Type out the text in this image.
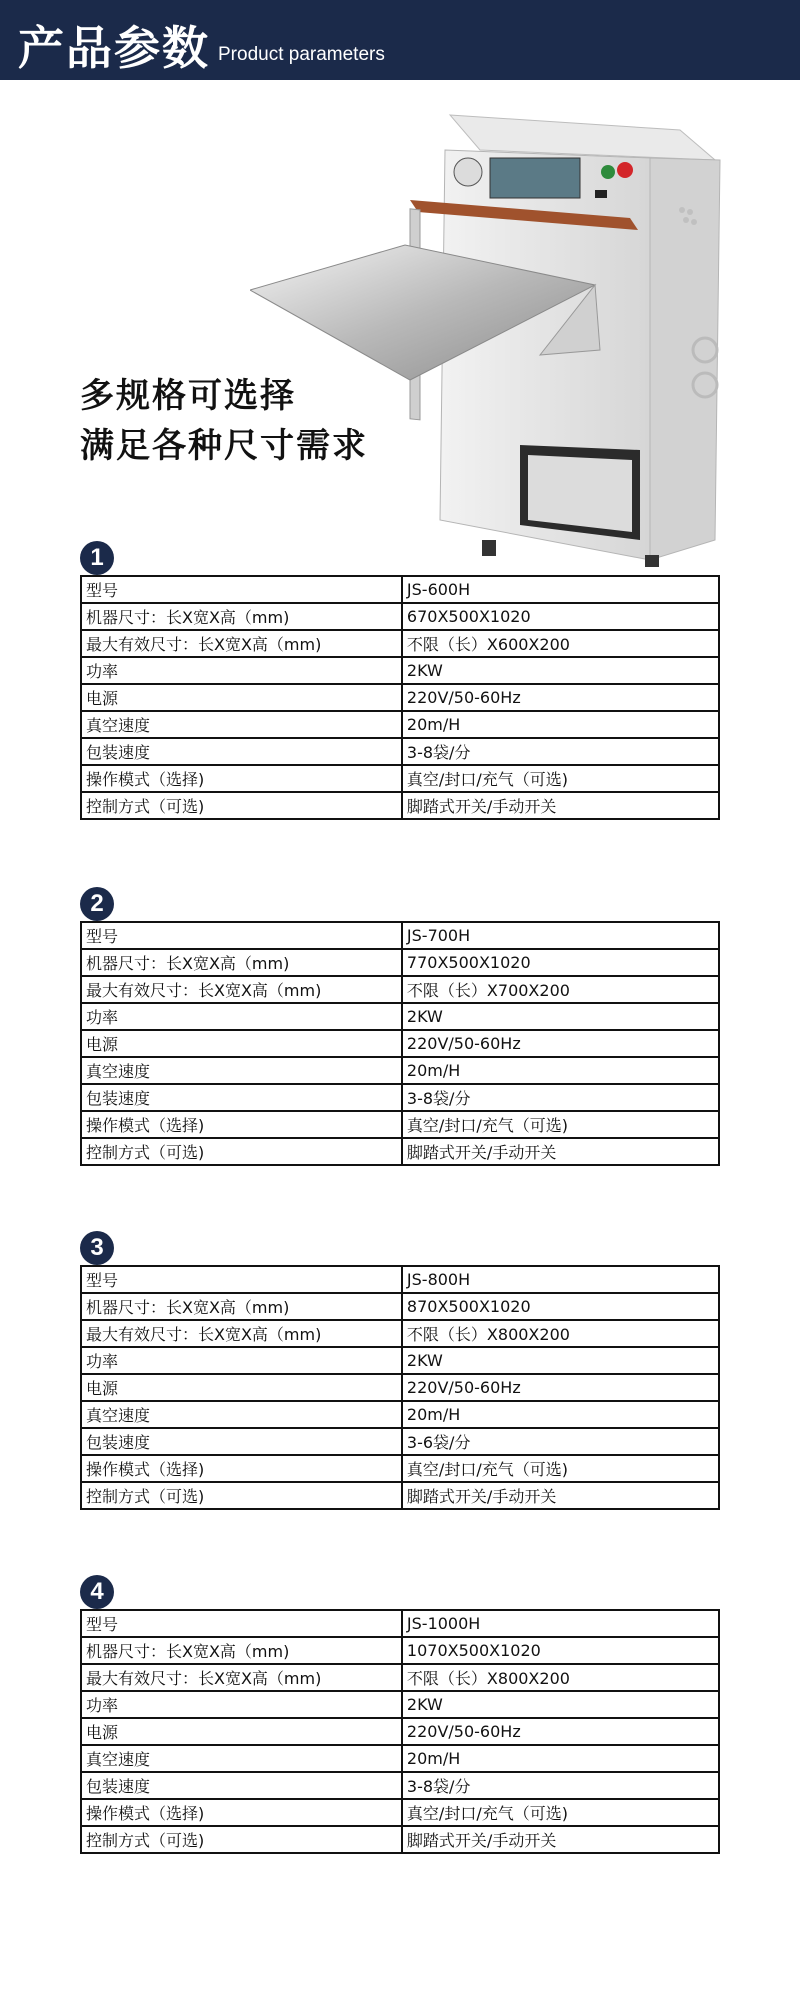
产品参数 Product parameters
多规格可选择
满足各种尺寸需求
1
型号	JS-600H
机器尺寸：长X宽X高（mm)	670X500X1020
最大有效尺寸：长X宽X高（mm)	不限（长）X600X200
功率	2KW
电源	220V/50-60Hz
真空速度	20m/H
包装速度	3-8袋/分
操作模式（选择)	真空/封口/充气（可选)
控制方式（可选)	脚踏式开关/手动开关
2
型号	JS-700H
机器尺寸：长X宽X高（mm)	770X500X1020
最大有效尺寸：长X宽X高（mm)	不限（长）X700X200
功率	2KW
电源	220V/50-60Hz
真空速度	20m/H
包装速度	3-8袋/分
操作模式（选择)	真空/封口/充气（可选)
控制方式（可选)	脚踏式开关/手动开关
3
型号	JS-800H
机器尺寸：长X宽X高（mm)	870X500X1020
最大有效尺寸：长X宽X高（mm)	不限（长）X800X200
功率	2KW
电源	220V/50-60Hz
真空速度	20m/H
包装速度	3-6袋/分
操作模式（选择)	真空/封口/充气（可选)
控制方式（可选)	脚踏式开关/手动开关
4
型号	JS-1000H
机器尺寸：长X宽X高（mm)	1070X500X1020
最大有效尺寸：长X宽X高（mm)	不限（长）X800X200
功率	2KW
电源	220V/50-60Hz
真空速度	20m/H
包装速度	3-8袋/分
操作模式（选择)	真空/封口/充气（可选)
控制方式（可选)	脚踏式开关/手动开关
